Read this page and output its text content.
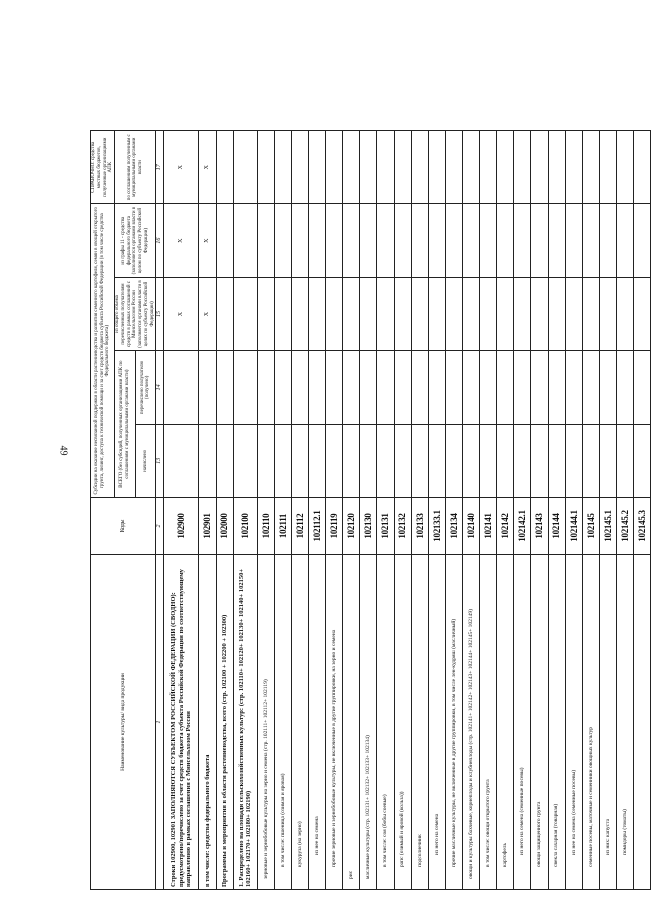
49
Наименование культуры/ вида продукции	Коды	Субсидии на оказание несвязанной поддержки в области растениеводства и развития семенного картофеля, семян в овощей открытого грунта, лизинг, доступа к технической помощи и за счет средств бюджета субъекта Российской Федерации (в том числе средства Федерального бюджета)				СПРАВОЧНО: средства местных бюджетов, полученные организациями АПК
		ВСЕГО (без субсидий, полученных организациями АПК по соглашениям с муниципальными органами власти)		из общего объема перечисленных получателям средств в рамках соглашений с Минсельхозом России (заполняется органами власти в целях по субъекту Российской Федерации)	из графы 11 - средства федерального бюджета (заполняется органами власти в целом по субъекту Российской Федерации)	по соглашениям полученным с муниципальными органами власти
		начислено	перечислено получателю (получено)			
1	2	13	14	15	16	17
Строки 102900, 102901 ЗАПОЛНЯЮТСЯ СУБЪЕКТОМ РОССИЙСКОЙ ФЕДЕРАЦИИ (СВОДНО): предусмотрено/перечислено за счет средств бюджета субъекта Российской Федерации по соответствующему направлению в рамках соглашения с Минсельхозом России	102900			X	X	X
в том числе: средства федерального бюджета	102901			X	X	X
Программы и мероприятия в области растениеводства, всего (стр. 102100 + 102200 + 102300)	102000					
1. Распределено на площади сельскохозяйственных культур: (стр. 102110+ 102120+ 102130+ 102140+ 102150+ 102160+ 102170+ 102180+ 102190)	102100					
зерновые и зернобобовые культуры на зерно и семена (стр. 102111+ 102112+ 102119)	102110					
в том числе: пшеница (озимая и яровая)	102111					
кукуруза (на зерно)	102112					
из нее на семена	102112.1					
прочие зерновые и зернобобовые культуры, не включенные в другие группировки, на зерно и семена	102119					
рис	102120					
масличные культуры (стр. 102131+ 102132+ 102133+ 102134)	102130					
в том числе: соя (бобы соевые)	102131					
рапс (озимый и яровой (кольза))	102132					
подсолнечник	102133					
из него на семена	102133.1					
прочие масличные культуры, не включенные в другие группировки, в том числе лен-кудряш (масличный)	102134					
овощи и культуры бахчевые, корнеплоды и клубнеплоды (стр. 102141+ 102142+ 102143+ 102144+ 102145+ 102149)	102140					
в том числе: овощи открытого грунта	102141					
картофель	102142					
из него на семена (семенные посевы)	102142.1					
овощи защищенного грунта	102143					
свекла сахарная (товарная)	102144					
из нее на семена (семенные посевы)	102144.1					
семенные посевы, маточные и семенники овощных культур	102145					
из них: капуста	102145.1					
помидоры (томаты)	102145.2					
	102145.3					
